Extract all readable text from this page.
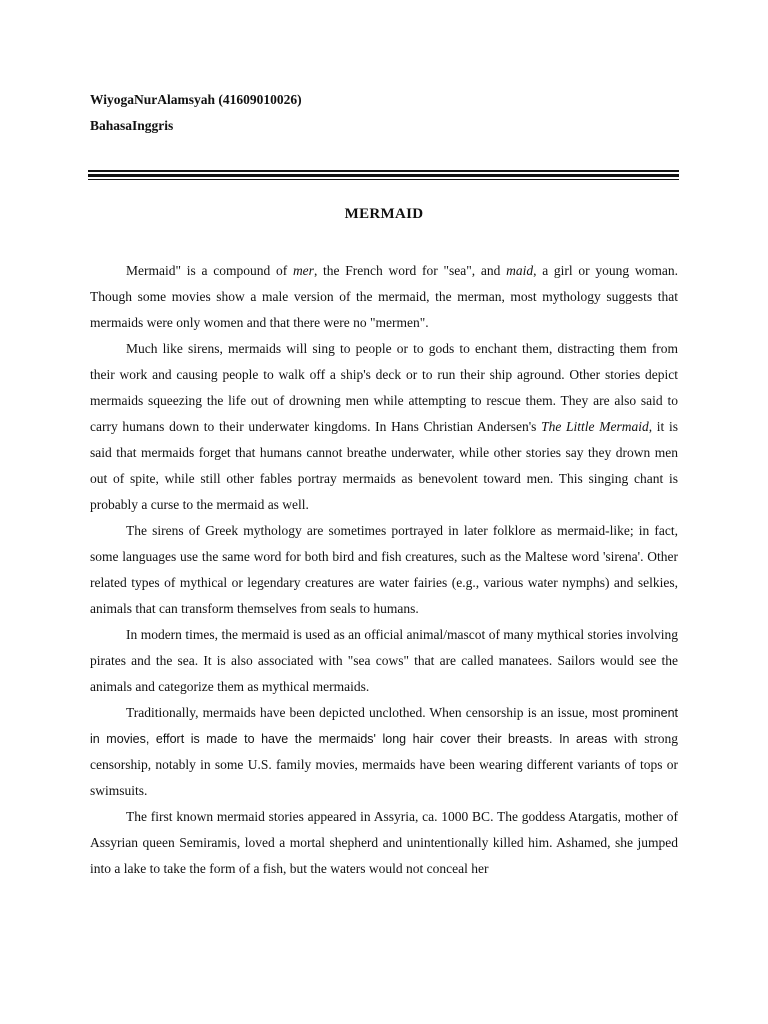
WiyogaNurAlamsyah (41609010026)
BahasaInggris
MERMAID

Mermaid" is a compound of mer, the French word for "sea", and maid, a girl or young woman. Though some movies show a male version of the mermaid, the merman, most mythology suggests that mermaids were only women and that there were no "mermen".

Much like sirens, mermaids will sing to people or to gods to enchant them, distracting them from their work and causing people to walk off a ship's deck or to run their ship aground. Other stories depict mermaids squeezing the life out of drowning men while attempting to rescue them. They are also said to carry humans down to their underwater kingdoms. In Hans Christian Andersen's The Little Mermaid, it is said that mermaids forget that humans cannot breathe underwater, while other stories say they drown men out of spite, while still other fables portray mermaids as benevolent toward men. This singing chant is probably a curse to the mermaid as well.

The sirens of Greek mythology are sometimes portrayed in later folklore as mermaid-like; in fact, some languages use the same word for both bird and fish creatures, such as the Maltese word 'sirena'. Other related types of mythical or legendary creatures are water fairies (e.g., various water nymphs) and selkies, animals that can transform themselves from seals to humans.

In modern times, the mermaid is used as an official animal/mascot of many mythical stories involving pirates and the sea. It is also associated with "sea cows" that are called manatees. Sailors would see the animals and categorize them as mythical mermaids.

Traditionally, mermaids have been depicted unclothed. When censorship is an issue, most prominent in movies, effort is made to have the mermaids' long hair cover their breasts. In areas with strong censorship, notably in some U.S. family movies, mermaids have been wearing different variants of tops or swimsuits.

The first known mermaid stories appeared in Assyria, ca. 1000 BC. The goddess Atargatis, mother of Assyrian queen Semiramis, loved a mortal shepherd and unintentionally killed him. Ashamed, she jumped into a lake to take the form of a fish, but the waters would not conceal her
